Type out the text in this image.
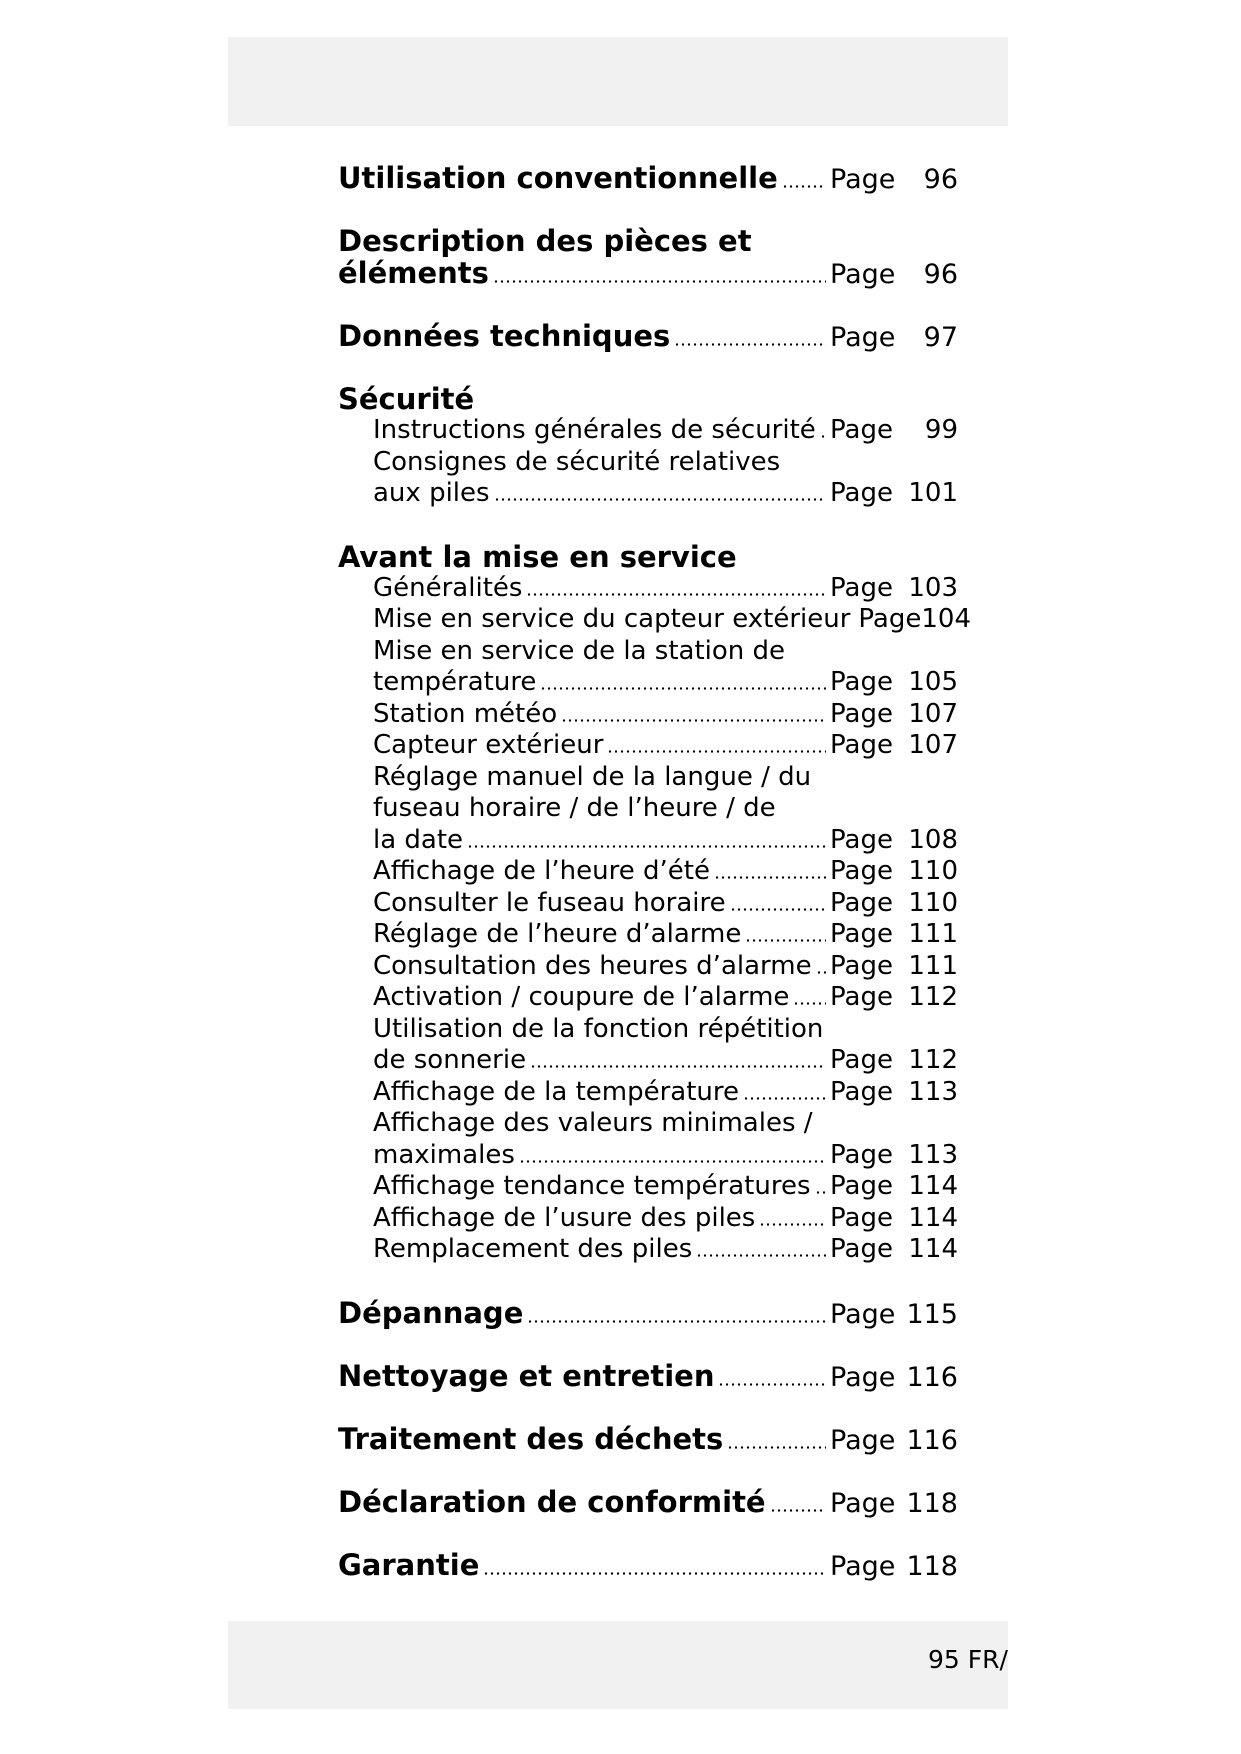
Utilisation conventionnelle Page 96
Description des pièces et
éléments	Page 96
Données techniques	Page 97
Sécurité
Instructions générales de sécurité Page 99
Consignes de sécurité relatives
aux piles	Page 101
Avant la mise en service
Généralités	Page 103
Mise en service du capteur extérieur Page 104
Mise en service de la station de
température	Page 105
Station météo	Page 107
Capteur extérieur	Page 107
Réglage manuel de la langue / du
fuseau horaire / de l’heure / de
la date	Page 108
Affichage de l’heure d’été	Page 110
Consulter le fuseau horaire	Page 110
Réglage de l’heure d’alarme	Page 111
Consultation des heures d’alarme Page 111
Activation / coupure de l’alarme Page 112
Utilisation de la fonction répétition
de sonnerie	Page 112
Affichage de la température	Page 113
Affichage des valeurs minimales /
maximales	Page 113
Affichage tendance températures Page 114
Affichage de l’usure des piles	Page 114
Remplacement des piles	Page 114
Dépannage	Page 115
Nettoyage et entretien	Page 116
Traitement des déchets	Page 116
Déclaration de conformité Page 118
Garantie	Page 118
95 FR/
